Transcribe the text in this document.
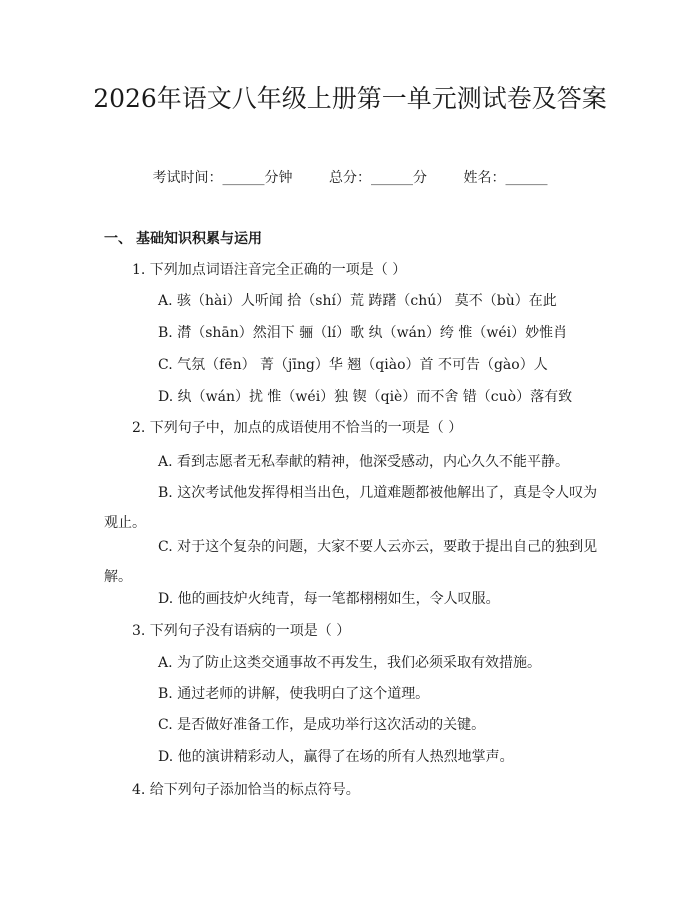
2026年语文八年级上册第一单元测试卷及答案
考试时间：______分钟	总分：______分	姓名：______
一、 基础知识积累与运用
1. 下列加点词语注音完全正确的一项是（ ）
A. 骇（hài）人听闻 拾（shí）荒 踌躇（chú） 莫不（bù）在此
B. 潸（shān）然泪下 骊（lí）歌 纨（wán）绔 惟（wéi）妙惟肖
C. 气氛（fēn） 菁（jīng）华 翘（qiào）首 不可告（gào）人
D. 纨（wán）扰 惟（wéi）独 锲（qiè）而不舍 错（cuò）落有致
2. 下列句子中，加点的成语使用不恰当的一项是（ ）
A. 看到志愿者无私奉献的精神，他深受感动，内心久久不能平静。
B. 这次考试他发挥得相当出色，几道难题都被他解出了，真是令人叹为观止。
C. 对于这个复杂的问题，大家不要人云亦云，要敢于提出自己的独到见解。
D. 他的画技炉火纯青，每一笔都栩栩如生，令人叹服。
3. 下列句子没有语病的一项是（ ）
A. 为了防止这类交通事故不再发生，我们必须采取有效措施。
B. 通过老师的讲解，使我明白了这个道理。
C. 是否做好准备工作，是成功举行这次活动的关键。
D. 他的演讲精彩动人，赢得了在场的所有人热烈地掌声。
4. 给下列句子添加恰当的标点符号。
